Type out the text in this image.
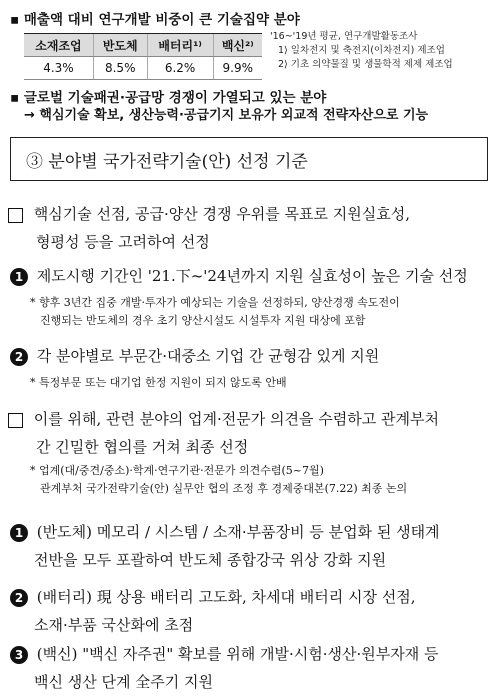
▪ 매출액 대비 연구개발 비중이 큰 기술집약 분야
소재조업	반도체	배터리¹⁾	백신²⁾
4.3%	8.5%	6.2%	9.9%
'16~'19년 평균, 연구개발활동조사
1⟩ 일차전지 및 축전지(이차전지) 제조업
2⟩ 기초 의약물질 및 생물학적 제제 제조업
▪ 글로벌 기술패권·공급망 경쟁이 가열되고 있는 분야
→ 핵심기술 확보, 생산능력·공급기지 보유가 외교적 전략자산으로 기능
③ 분야별 국가전략기술(안) 선정 기준
핵심기술 선점, 공급·양산 경쟁 우위를 목표로 지원실효성,
형평성 등을 고려하여 선정
1 제도시행 기간인 '21.下~'24년까지 지원 실효성이 높은 기술 선정
* 향후 3년간 집중 개발·투자가 예상되는 기술을 선정하되, 양산경쟁 속도전이
진행되는 반도체의 경우 초기 양산시설도 시설투자 지원 대상에 포함
2 각 분야별로 부문간·대중소 기업 간 균형감 있게 지원
* 특정부문 또는 대기업 한정 지원이 되지 않도록 안배
이를 위해, 관련 분야의 업계·전문가 의견을 수렴하고 관계부처
간 긴밀한 협의를 거쳐 최종 선정
* 업계(대/중견/중소)·학계·연구기관·전문가 의견수렴(5~7월)
관계부처 국가전략기술(안) 실무안 협의 조정 후 경제중대본(7.22) 최종 논의
1 (반도체) 메모리 / 시스템 / 소재·부품장비 등 분업화 된 생태계
전반을 모두 포괄하여 반도체 종합강국 위상 강화 지원
2 (배터리) 現 상용 배터리 고도화, 차세대 배터리 시장 선점,
소재·부품 국산화에 초점
3 (백신) "백신 자주권" 확보를 위해 개발·시험·생산·원부자재 등
백신 생산 단계 全주기 지원
